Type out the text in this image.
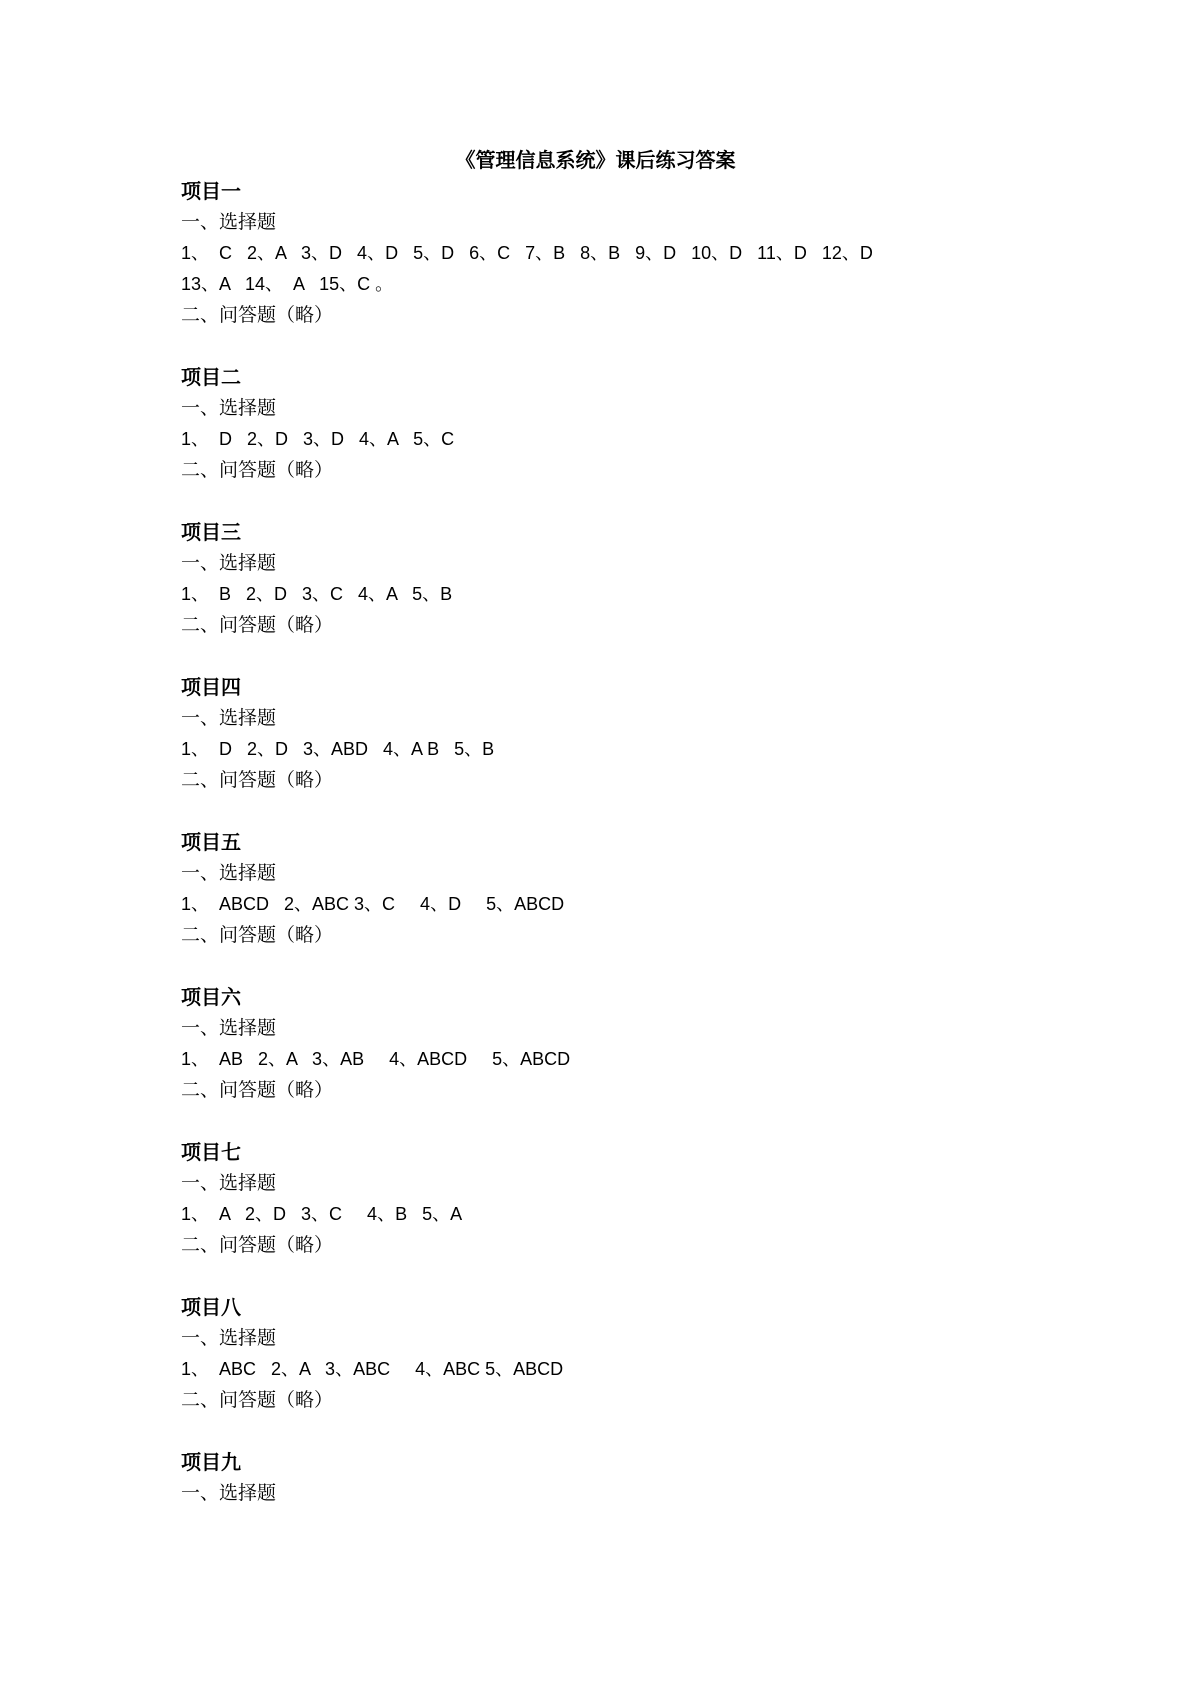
《管理信息系统》课后练习答案
项目一
一、选择题
1、  C   2、A   3、D   4、D   5、D   6、C   7、B   8、B   9、D   10、D   11、D   12、D
13、A   14、  A   15、C 。
二、问答题（略）
项目二
一、选择题
1、  D   2、D   3、D   4、A   5、C
二、问答题（略）
项目三
一、选择题
1、  B   2、D   3、C   4、A   5、B
二、问答题（略）
项目四
一、选择题
1、  D   2、D   3、ABD   4、A B   5、B
二、问答题（略）
项目五
一、选择题
1、  ABCD   2、ABC 3、C     4、D     5、ABCD
二、问答题（略）
项目六
一、选择题
1、  AB   2、A   3、AB     4、ABCD     5、ABCD
二、问答题（略）
项目七
一、选择题
1、  A   2、D   3、C     4、B   5、A
二、问答题（略）
项目八
一、选择题
1、  ABC   2、A   3、ABC     4、ABC 5、ABCD
二、问答题（略）
项目九
一、选择题
